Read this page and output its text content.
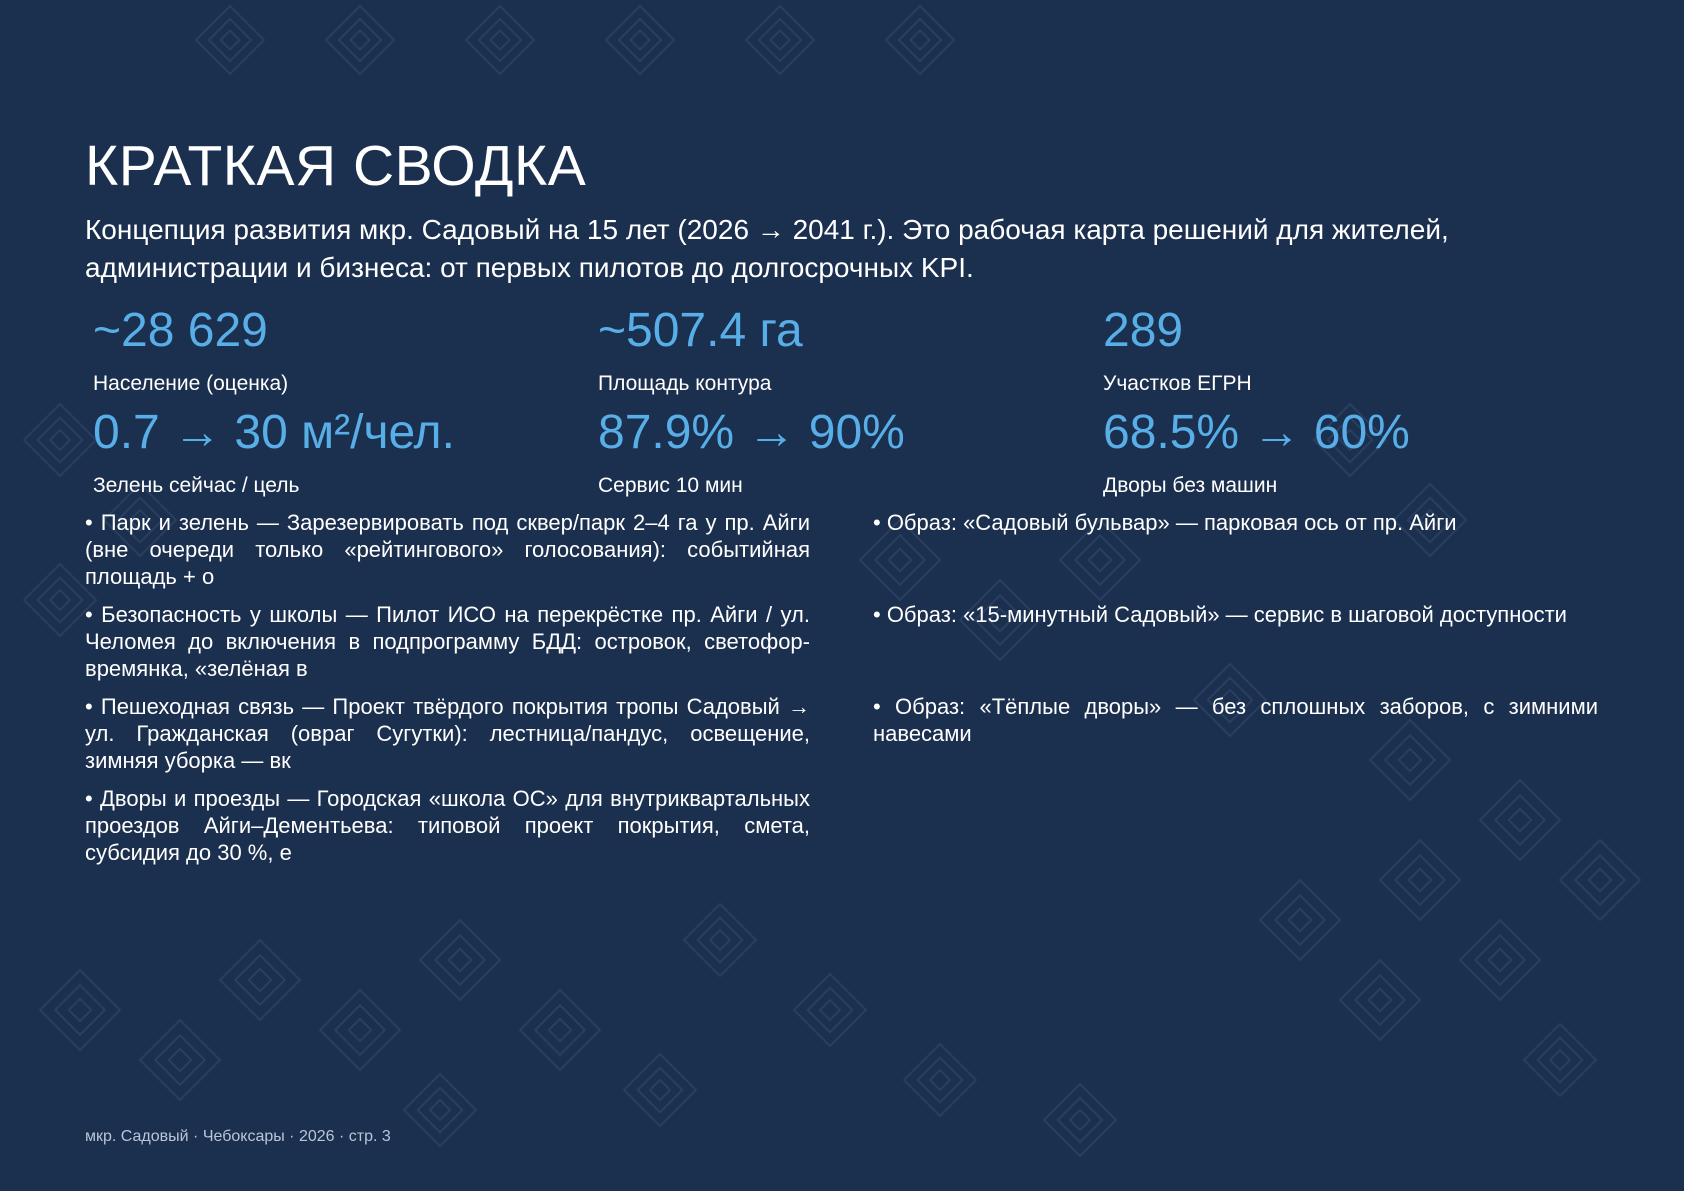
КРАТКАЯ СВОДКА
Концепция развития мкр. Садовый на 15 лет (2026 → 2041 г.). Это рабочая карта решений для жителей, администрации и бизнеса: от первых пилотов до долгосрочных KPI.
~28 629
Население (оценка)
~507.4 га
Площадь контура
289
Участков ЕГРН
0.7 → 30 м²/чел.
Зелень сейчас / цель
87.9% → 90%
Сервис 10 мин
68.5% → 60%
Дворы без машин
• Парк и зелень — Зарезервировать под сквер/парк 2–4 га у пр. Айги (вне очереди только «рейтингового» голосования): событийная площадь + о
• Безопасность у школы — Пилот ИСО на перекрёстке пр. Айги / ул. Челомея до включения в подпрограмму БДД: островок, светофор-времянка, «зелёная в
• Пешеходная связь — Проект твёрдого покрытия тропы Садовый → ул. Гражданская (овраг Сугутки): лестница/пандус, освещение, зимняя уборка — вк
• Дворы и проезды — Городская «школа ОС» для внутриквартальных проездов Айги–Дементьева: типовой проект покрытия, смета, субсидия до 30 %, е
• Образ: «Садовый бульвар» — парковая ось от пр. Айги
• Образ: «15-минутный Садовый» — сервис в шаговой доступности
• Образ: «Тёплые дворы» — без сплошных заборов, с зимними навесами
мкр. Садовый · Чебоксары · 2026 · стр. 3
